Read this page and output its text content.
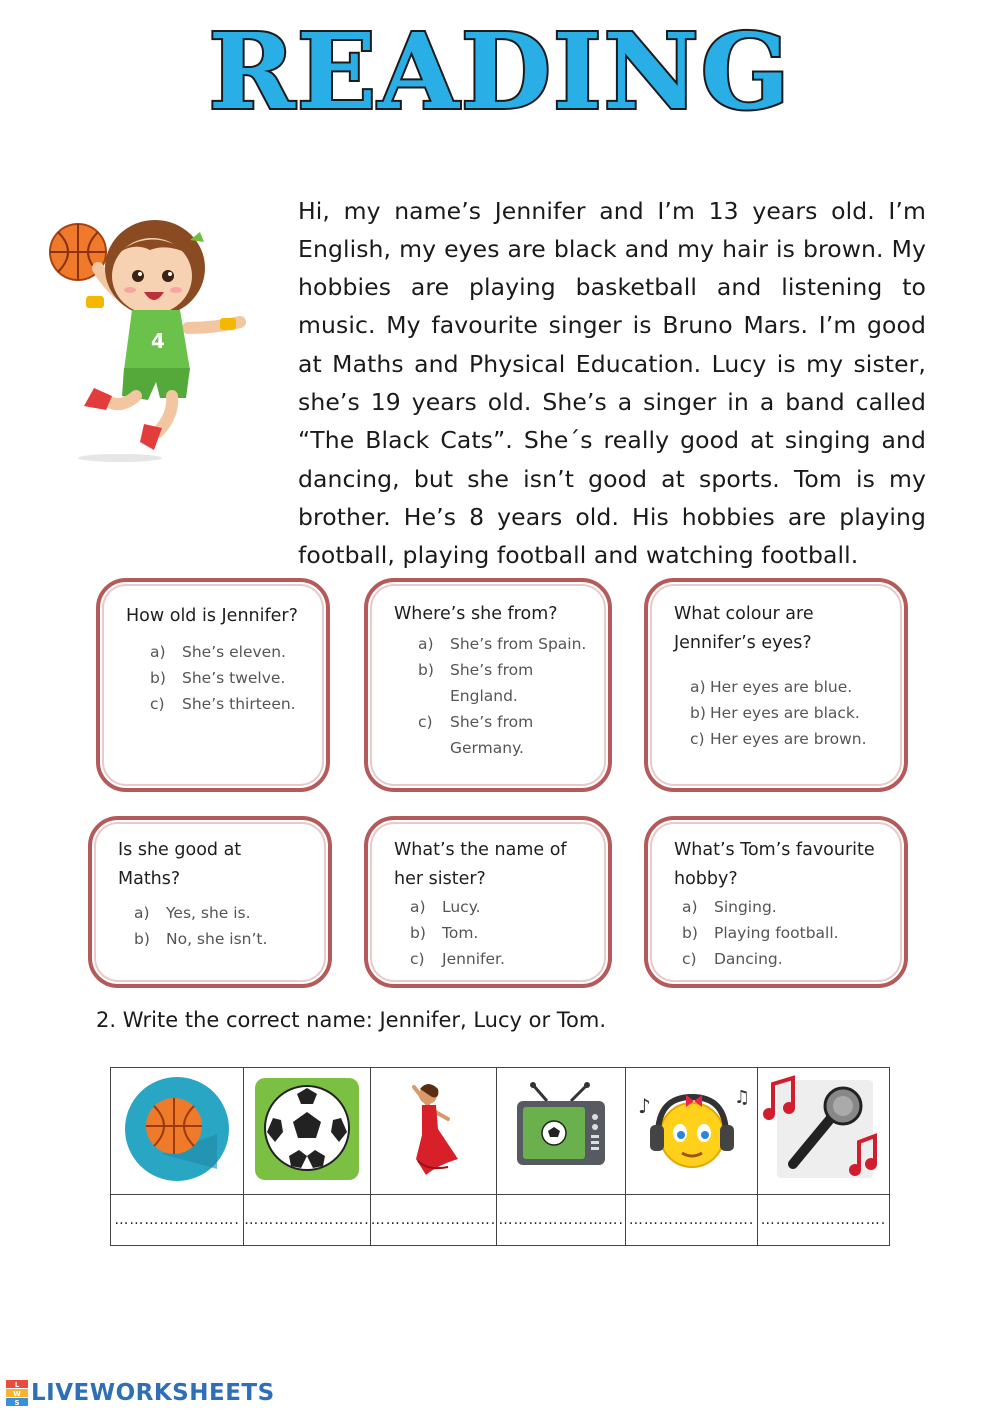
READING
4

Hi, my name’s Jennifer and I’m 13 years old. I’m English, my eyes are black and my hair is brown. My hobbies are playing basketball and listening to music. My favourite singer is Bruno Mars. I’m good at Maths and Physical Education. Lucy is my sister, she’s 19 years old. She’s a singer in a band called “The Black Cats”. She´s really good at singing and dancing, but she isn’t good at sports. Tom is my brother. He’s 8 years old. His hobbies are playing football, playing football and watching football.

How old is Jennifer?

a) She’s eleven.
b) She’s twelve.
c) She’s thirteen.

Where’s she from?

a) She’s from Spain.
b) She’s from England.
c) She’s from Germany.

What colour are Jennifer’s eyes?

a) Her eyes are blue.
b) Her eyes are black.
c) Her eyes are brown.

Is she good at Maths?

a) Yes, she is.
b) No, she isn’t.

What’s the name of her sister?

a) Lucy.
b) Tom.
c) Jennifer.

What’s Tom’s favourite hobby?

a) Singing.
b) Playing football.
c) Dancing.
2. Write the correct name: Jennifer, Lucy or Tom.

♪ ♫

…………………….	…………………….	…………………….	…………………….	…………………….	…………………….
L
W
S LIVEWORKSHEETS
